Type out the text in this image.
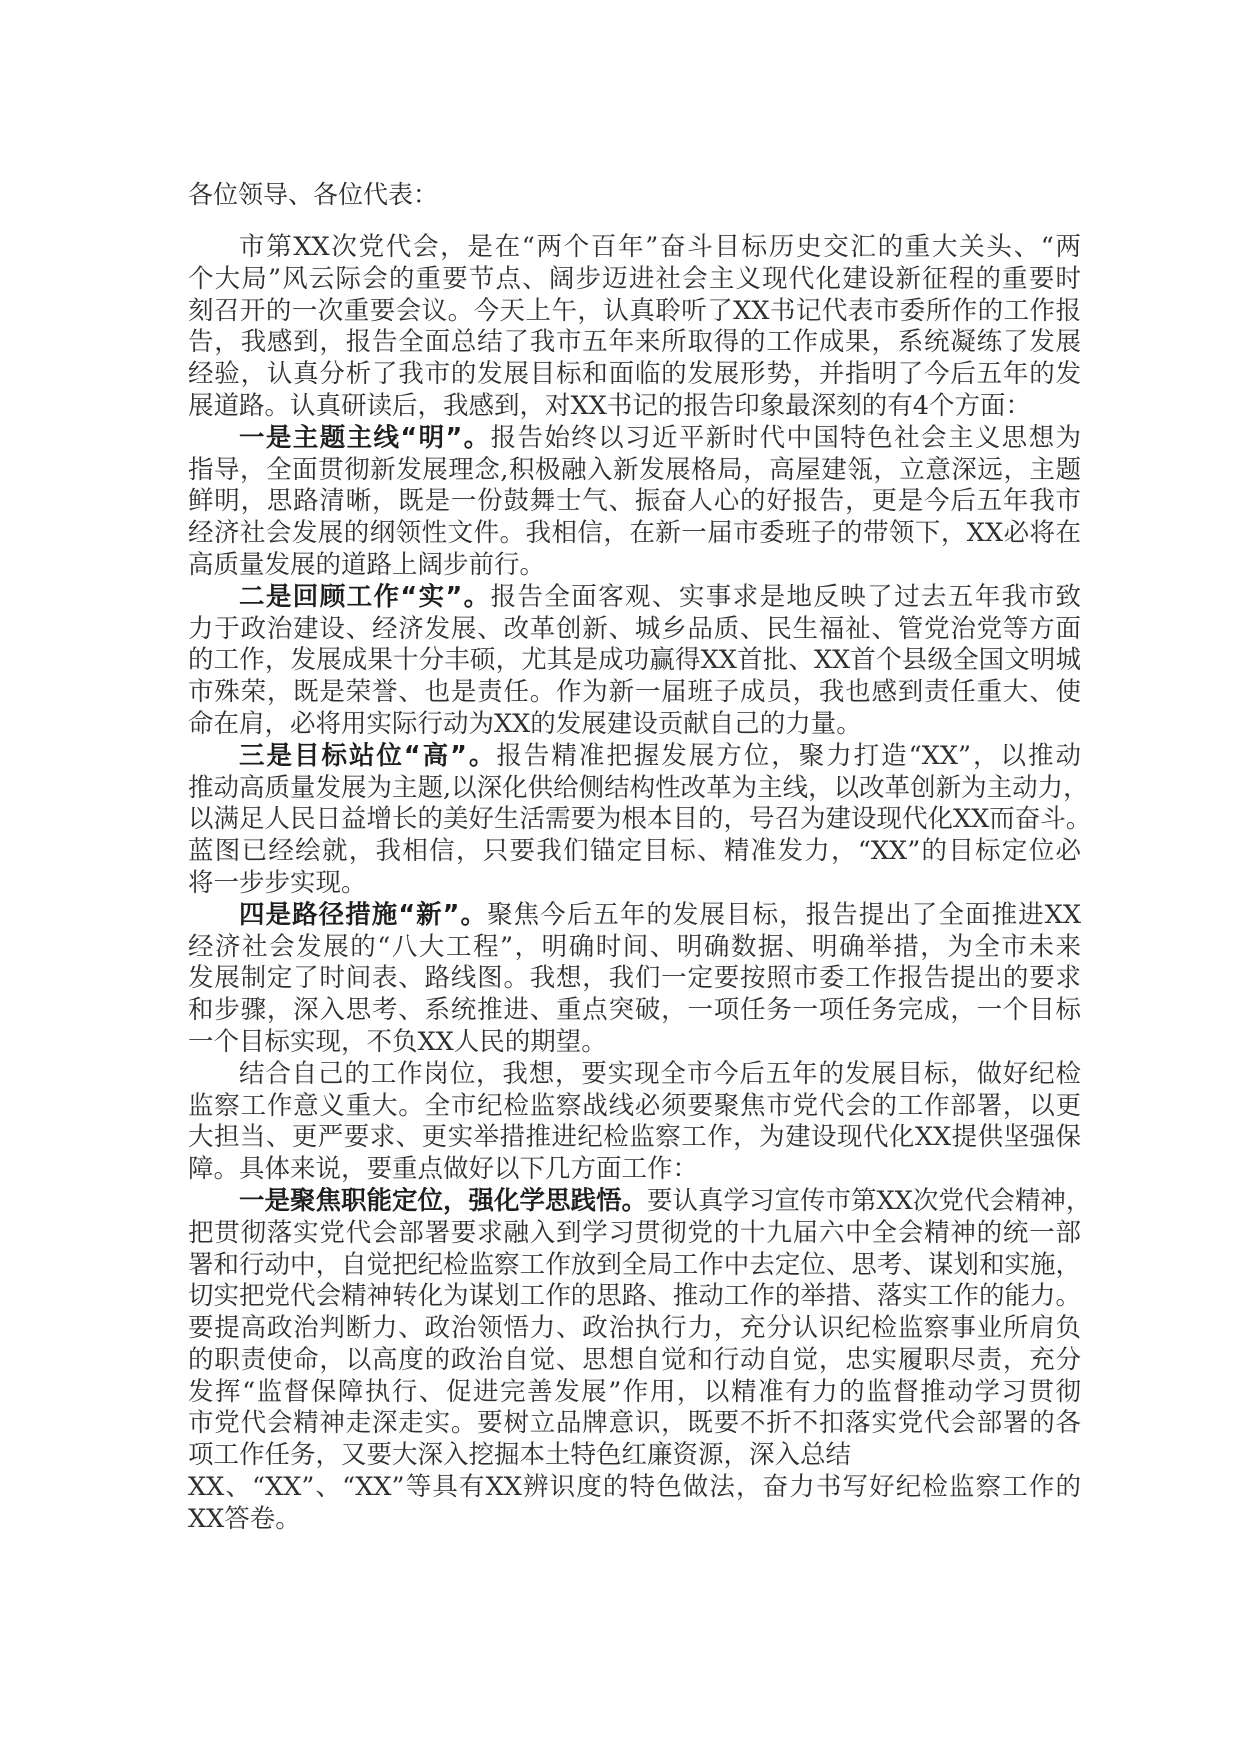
各位领导、各位代表：
市第XX次党代会，是在“两个百年”奋斗目标历史交汇的重大关头、“两
个大局”风云际会的重要节点、阔步迈进社会主义现代化建设新征程的重要时
刻召开的一次重要会议。今天上午，认真聆听了XX书记代表市委所作的工作报
告，我感到，报告全面总结了我市五年来所取得的工作成果，系统凝练了发展
经验，认真分析了我市的发展目标和面临的发展形势，并指明了今后五年的发
展道路。认真研读后，我感到，对XX书记的报告印象最深刻的有4个方面：
一是主题主线“明”。报告始终以习近平新时代中国特色社会主义思想为
指导，全面贯彻新发展理念,积极融入新发展格局，高屋建瓴，立意深远，主题
鲜明，思路清晰，既是一份鼓舞士气、振奋人心的好报告，更是今后五年我市
经济社会发展的纲领性文件。我相信，在新一届市委班子的带领下，XX必将在
高质量发展的道路上阔步前行。
二是回顾工作“实”。报告全面客观、实事求是地反映了过去五年我市致
力于政治建设、经济发展、改革创新、城乡品质、民生福祉、管党治党等方面
的工作，发展成果十分丰硕，尤其是成功赢得XX首批、XX首个县级全国文明城
市殊荣，既是荣誉、也是责任。作为新一届班子成员，我也感到责任重大、使
命在肩，必将用实际行动为XX的发展建设贡献自己的力量。
三是目标站位“高”。报告精准把握发展方位，聚力打造“XX”，以推动
推动高质量发展为主题,以深化供给侧结构性改革为主线，以改革创新为主动力，
以满足人民日益增长的美好生活需要为根本目的，号召为建设现代化XX而奋斗。
蓝图已经绘就，我相信，只要我们锚定目标、精准发力，“XX”的目标定位必
将一步步实现。
四是路径措施“新”。聚焦今后五年的发展目标，报告提出了全面推进XX
经济社会发展的“八大工程”，明确时间、明确数据、明确举措，为全市未来
发展制定了时间表、路线图。我想，我们一定要按照市委工作报告提出的要求
和步骤，深入思考、系统推进、重点突破，一项任务一项任务完成，一个目标
一个目标实现，不负XX人民的期望。
结合自己的工作岗位，我想，要实现全市今后五年的发展目标，做好纪检
监察工作意义重大。全市纪检监察战线必须要聚焦市党代会的工作部署，以更
大担当、更严要求、更实举措推进纪检监察工作，为建设现代化XX提供坚强保
障。具体来说，要重点做好以下几方面工作：
一是聚焦职能定位，强化学思践悟。要认真学习宣传市第XX次党代会精神，
把贯彻落实党代会部署要求融入到学习贯彻党的十九届六中全会精神的统一部
署和行动中，自觉把纪检监察工作放到全局工作中去定位、思考、谋划和实施，
切实把党代会精神转化为谋划工作的思路、推动工作的举措、落实工作的能力。
要提高政治判断力、政治领悟力、政治执行力，充分认识纪检监察事业所肩负
的职责使命，以高度的政治自觉、思想自觉和行动自觉，忠实履职尽责，充分
发挥“监督保障执行、促进完善发展”作用，以精准有力的监督推动学习贯彻
市党代会精神走深走实。要树立品牌意识，既要不折不扣落实党代会部署的各
项工作任务，又要大深入挖掘本土特色红廉资源，深入总结
XX、“XX”、“XX”等具有XX辨识度的特色做法，奋力书写好纪检监察工作的
XX答卷。
